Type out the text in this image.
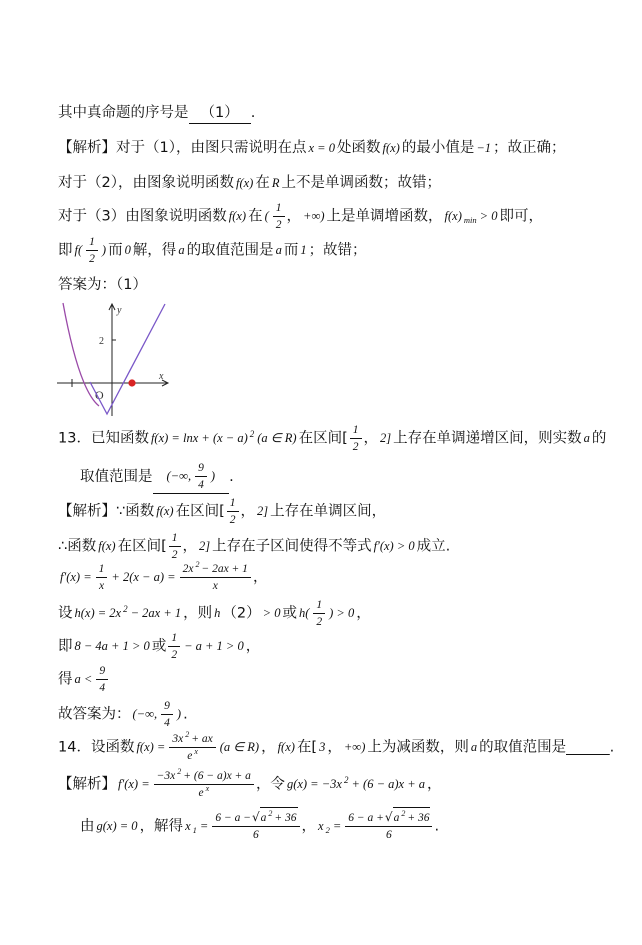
其中真命题的序号是 （1） .
【解析】对于（1），由图只需说明在点 x = 0 处函数 f(x) 的最小值是 −1 ；故正确；
对于（2），由图象说明函数 f(x) 在 R 上不是单调函数；故错；
对于（3）由图象说明函数 f(x) 在 ( $\frac{1}{2}$ ， +∞) 上是单调增函数， f(x) $_{min}$ > 0 即可，
即 $f( \frac{1}{2}$ ) 而 0 解，得 a 的取值范围是 a 而 1 ；故错；
答案为：（1）
y
2
x
O
13．已知函数 f(x) = lnx + (x − a) $^2$ (a ∈ R) 在区间[ $\frac{1}{2}$ ， 2] 上存在单调递增区间，则实数 a 的
取值范围是 (−∞, $\frac{9}{4}$ ) .
【解析】∵函数 f(x) 在区间[ $\frac{1}{2}$ ， 2] 上存在单调区间，
∴函数 f(x) 在区间[ $\frac{1}{2}$ ， 2] 上存在子区间使得不等式 f′(x) > 0 成立.
$f'(x) = \frac{1}{x} + 2(x - a) = \frac{2x ^2 - 2ax + 1}{x}$ ，
设 h(x) = 2x $^2$ − 2ax + 1 ，则 h （2） > 0 或 $h( \frac{1}{2}$ ) > 0 ，
即 8 − 4a + 1 > 0 或 $\frac{1}{2} - a + 1 > 0$ ，
得 $a < \frac{9}{4}$
故答案为： (−∞, $\frac{9}{4}$ ) .
14．设函数 $f(x) = \frac{3x ^2 + ax}{e ^x} (a$ ∈ R) ， f(x) 在[ 3 ， +∞) 上为减函数，则 a 的取值范围是______.
【解析】 $f'(x) = \frac{-3x ^2 + (6 - a)x + a}{e ^x}$ ，令 g(x) = −3x $^2$ + (6 − a)x + a ，
由 g(x) = 0 ，解得 x $_1 = \frac{6 - a -√a ^2 + 36}{6}$ ， x $_2 = \frac{6 - a +√a ^2 + 36}{6}$ .
